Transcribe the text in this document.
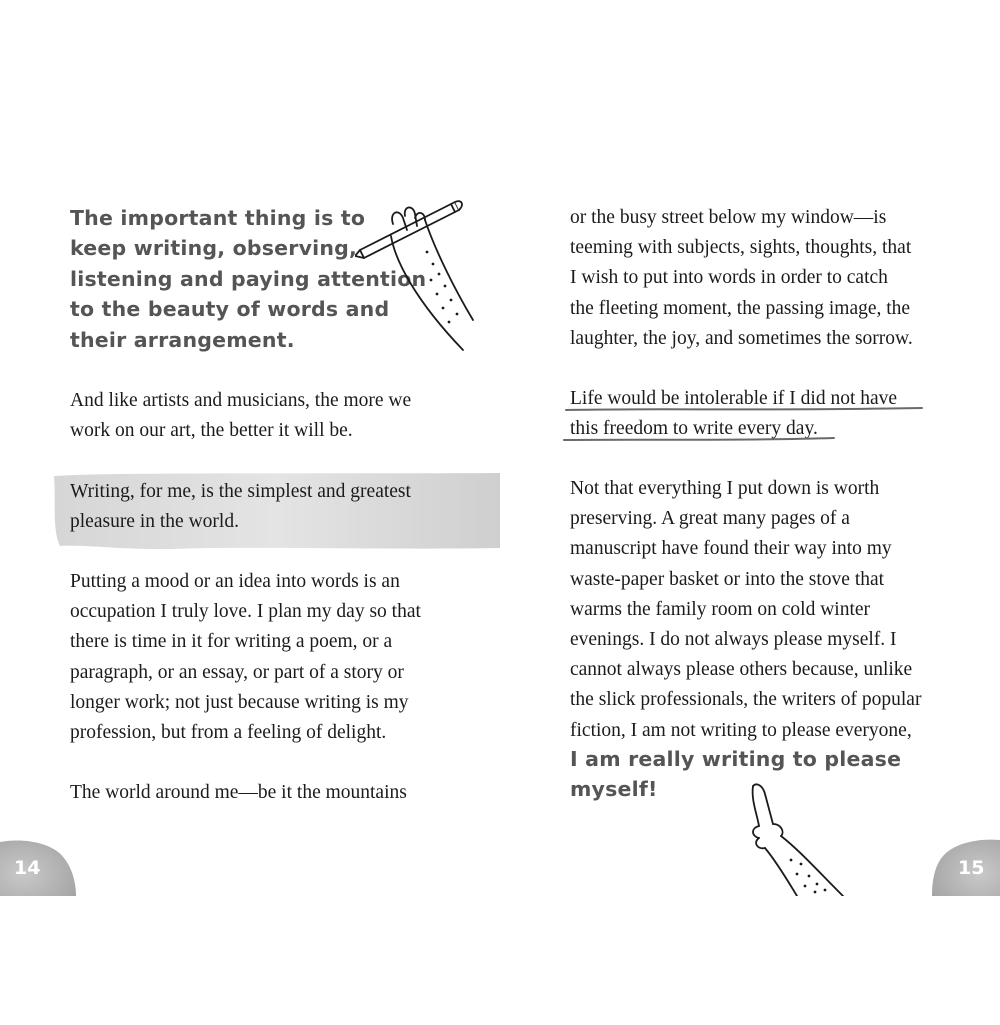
14

The important thing is to
keep writing, observing,
listening and paying attention
to the beauty of words and
their arrangement.

And like artists and musicians, the more we
work on our art, the better it will be.

Writing, for me, is the simplest and greatest
pleasure in the world.

Putting a mood or an idea into words is an
occupation I truly love. I plan my day so that
there is time in it for writing a poem, or a
paragraph, or an essay, or part of a story or
longer work; not just because writing is my
profession, but from a feeling of delight.

The world around me—be it the mountains

15

or the busy street below my window—is
teeming with subjects, sights, thoughts, that
I wish to put into words in order to catch
the fleeting moment, the passing image, the
laughter, the joy, and sometimes the sorrow.

Life would be intolerable if I did not have

this freedom to write every day.

Not that everything I put down is worth
preserving. A great many pages of a
manuscript have found their way into my
waste-paper basket or into the stove that
warms the family room on cold winter
evenings. I do not always please myself. I
cannot always please others because, unlike
the slick professionals, the writers of popular
fiction, I am not writing to please everyone,

I am really writing to please
myself!
